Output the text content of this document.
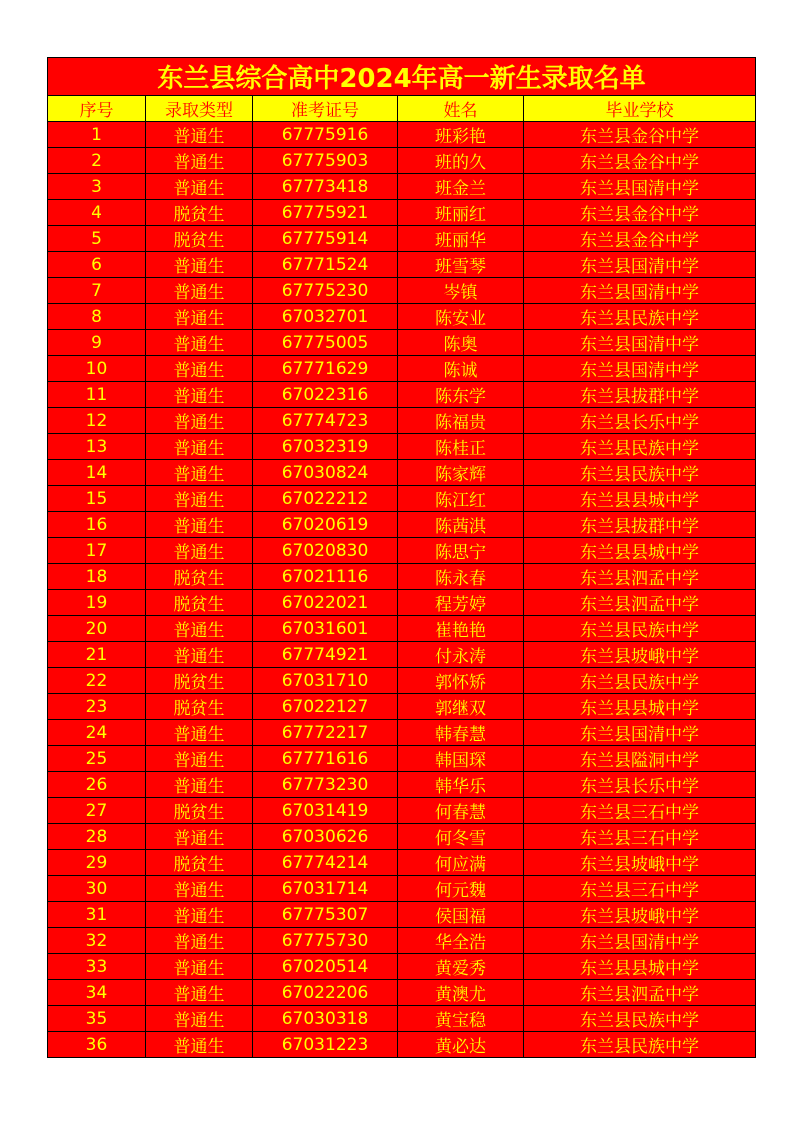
东兰县综合高中2024年高一新生录取名单				
序号	录取类型	准考证号	姓名	毕业学校
1	普通生	67775916	班彩艳	东兰县金谷中学
2	普通生	67775903	班的久	东兰县金谷中学
3	普通生	67773418	班金兰	东兰县国清中学
4	脱贫生	67775921	班丽红	东兰县金谷中学
5	脱贫生	67775914	班丽华	东兰县金谷中学
6	普通生	67771524	班雪琴	东兰县国清中学
7	普通生	67775230	岑镇	东兰县国清中学
8	普通生	67032701	陈安业	东兰县民族中学
9	普通生	67775005	陈奥	东兰县国清中学
10	普通生	67771629	陈诚	东兰县国清中学
11	普通生	67022316	陈东学	东兰县拔群中学
12	普通生	67774723	陈福贵	东兰县长乐中学
13	普通生	67032319	陈桂正	东兰县民族中学
14	普通生	67030824	陈家辉	东兰县民族中学
15	普通生	67022212	陈江红	东兰县县城中学
16	普通生	67020619	陈茜淇	东兰县拔群中学
17	普通生	67020830	陈思宁	东兰县县城中学
18	脱贫生	67021116	陈永春	东兰县泗孟中学
19	脱贫生	67022021	程芳婷	东兰县泗孟中学
20	普通生	67031601	崔艳艳	东兰县民族中学
21	普通生	67774921	付永涛	东兰县坡峨中学
22	脱贫生	67031710	郭怀矫	东兰县民族中学
23	脱贫生	67022127	郭继双	东兰县县城中学
24	普通生	67772217	韩春慧	东兰县国清中学
25	普通生	67771616	韩国琛	东兰县隘洞中学
26	普通生	67773230	韩华乐	东兰县长乐中学
27	脱贫生	67031419	何春慧	东兰县三石中学
28	普通生	67030626	何冬雪	东兰县三石中学
29	脱贫生	67774214	何应满	东兰县坡峨中学
30	普通生	67031714	何元魏	东兰县三石中学
31	普通生	67775307	侯国福	东兰县坡峨中学
32	普通生	67775730	华全浩	东兰县国清中学
33	普通生	67020514	黄爱秀	东兰县县城中学
34	普通生	67022206	黄澳尤	东兰县泗孟中学
35	普通生	67030318	黄宝稳	东兰县民族中学
36	普通生	67031223	黄必达	东兰县民族中学
